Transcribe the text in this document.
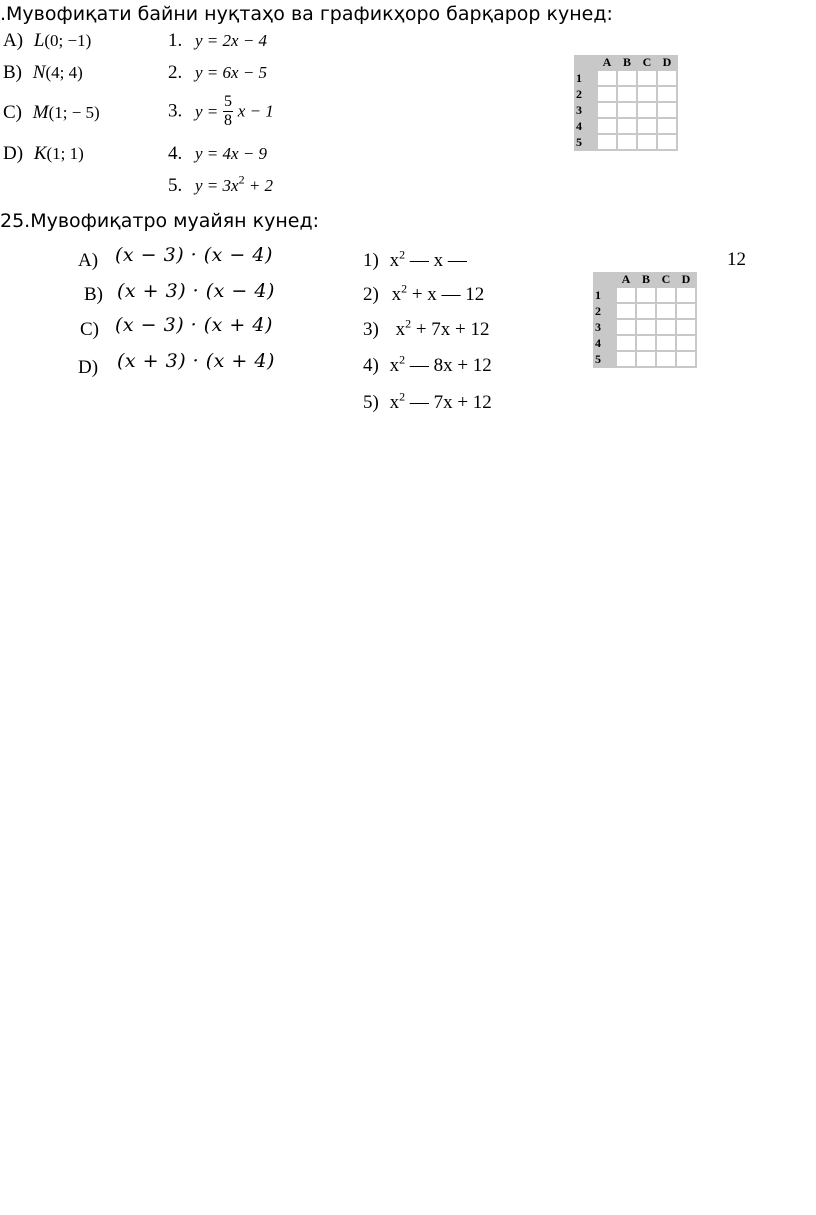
.Мувофиқати байни нуқтаҳо ва графикҳоро барқарор кунед:
A) L(0; −1)
B) N(4; 4)
C) M(1; − 5)
D) K(1; 1)
1. y = 2x − 4
2. y = 6x − 5
3. $y = \frac{5}{8}$ x − 1
4. y = 4x − 9
5. $y = 3x^2 + 2$
	A	B	C	D
1				
2				
3				
4				
5				
25.Мувофиқатро муайян кунед:
A) (x − 3) · (x − 4)
B) (x + 3) · (x − 4)
C) (x − 3) · (x + 4)
D) (x + 3) · (x + 4)
1) $x^2$ — x —
2) $x^2 + x$ — 12
3) $x^2 + 7x + 12$
4) $x^2$ — 8x + 12
5) $x^2$ — 7x + 12
12
	A	B	C	D
1				
2				
3				
4				
5				
